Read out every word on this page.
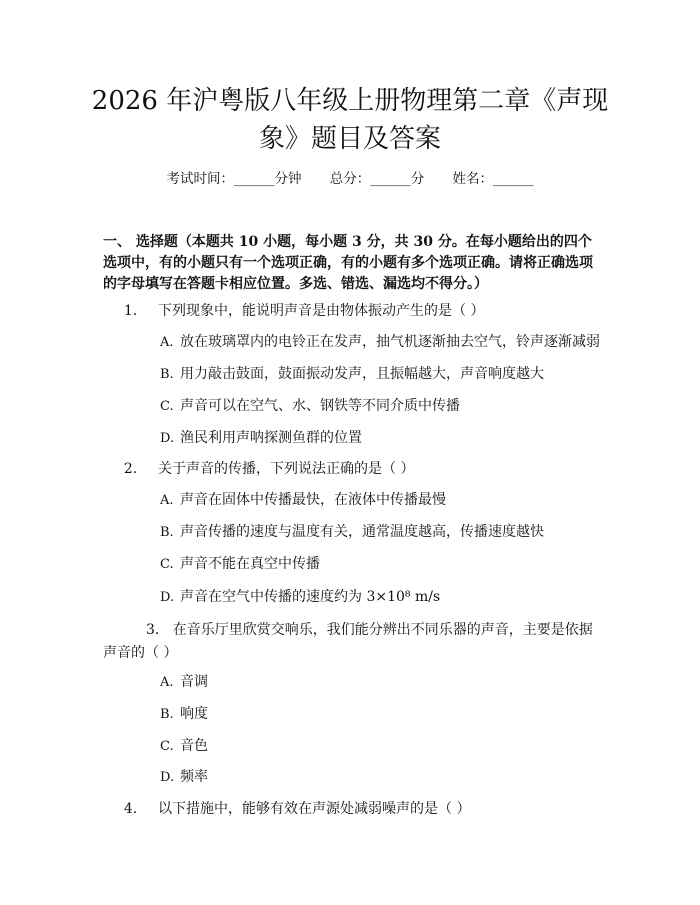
2026 年沪粤版八年级上册物理第二章《声现象》题目及答案
考试时间：______分钟 总分：______分 姓名：______
一、 选择题（本题共 10 小题，每小题 3 分，共 30 分。在每小题给出的四个选项中，有的小题只有一个选项正确，有的小题有多个选项正确。请将正确选项的字母填写在答题卡相应位置。多选、错选、漏选均不得分。）
1. 下列现象中，能说明声音是由物体振动产生的是（ ）
A. 放在玻璃罩内的电铃正在发声，抽气机逐渐抽去空气，铃声逐渐减弱
B. 用力敲击鼓面，鼓面振动发声，且振幅越大，声音响度越大
C. 声音可以在空气、水、钢铁等不同介质中传播
D. 渔民利用声呐探测鱼群的位置
2. 关于声音的传播，下列说法正确的是（ ）
A. 声音在固体中传播最快，在液体中传播最慢
B. 声音传播的速度与温度有关，通常温度越高，传播速度越快
C. 声音不能在真空中传播
D. 声音在空气中传播的速度约为 3×10⁸ m/s
3. 在音乐厅里欣赏交响乐，我们能分辨出不同乐器的声音，主要是依据声音的（ ）
A. 音调
B. 响度
C. 音色
D. 频率
4. 以下措施中，能够有效在声源处减弱噪声的是（ ）
